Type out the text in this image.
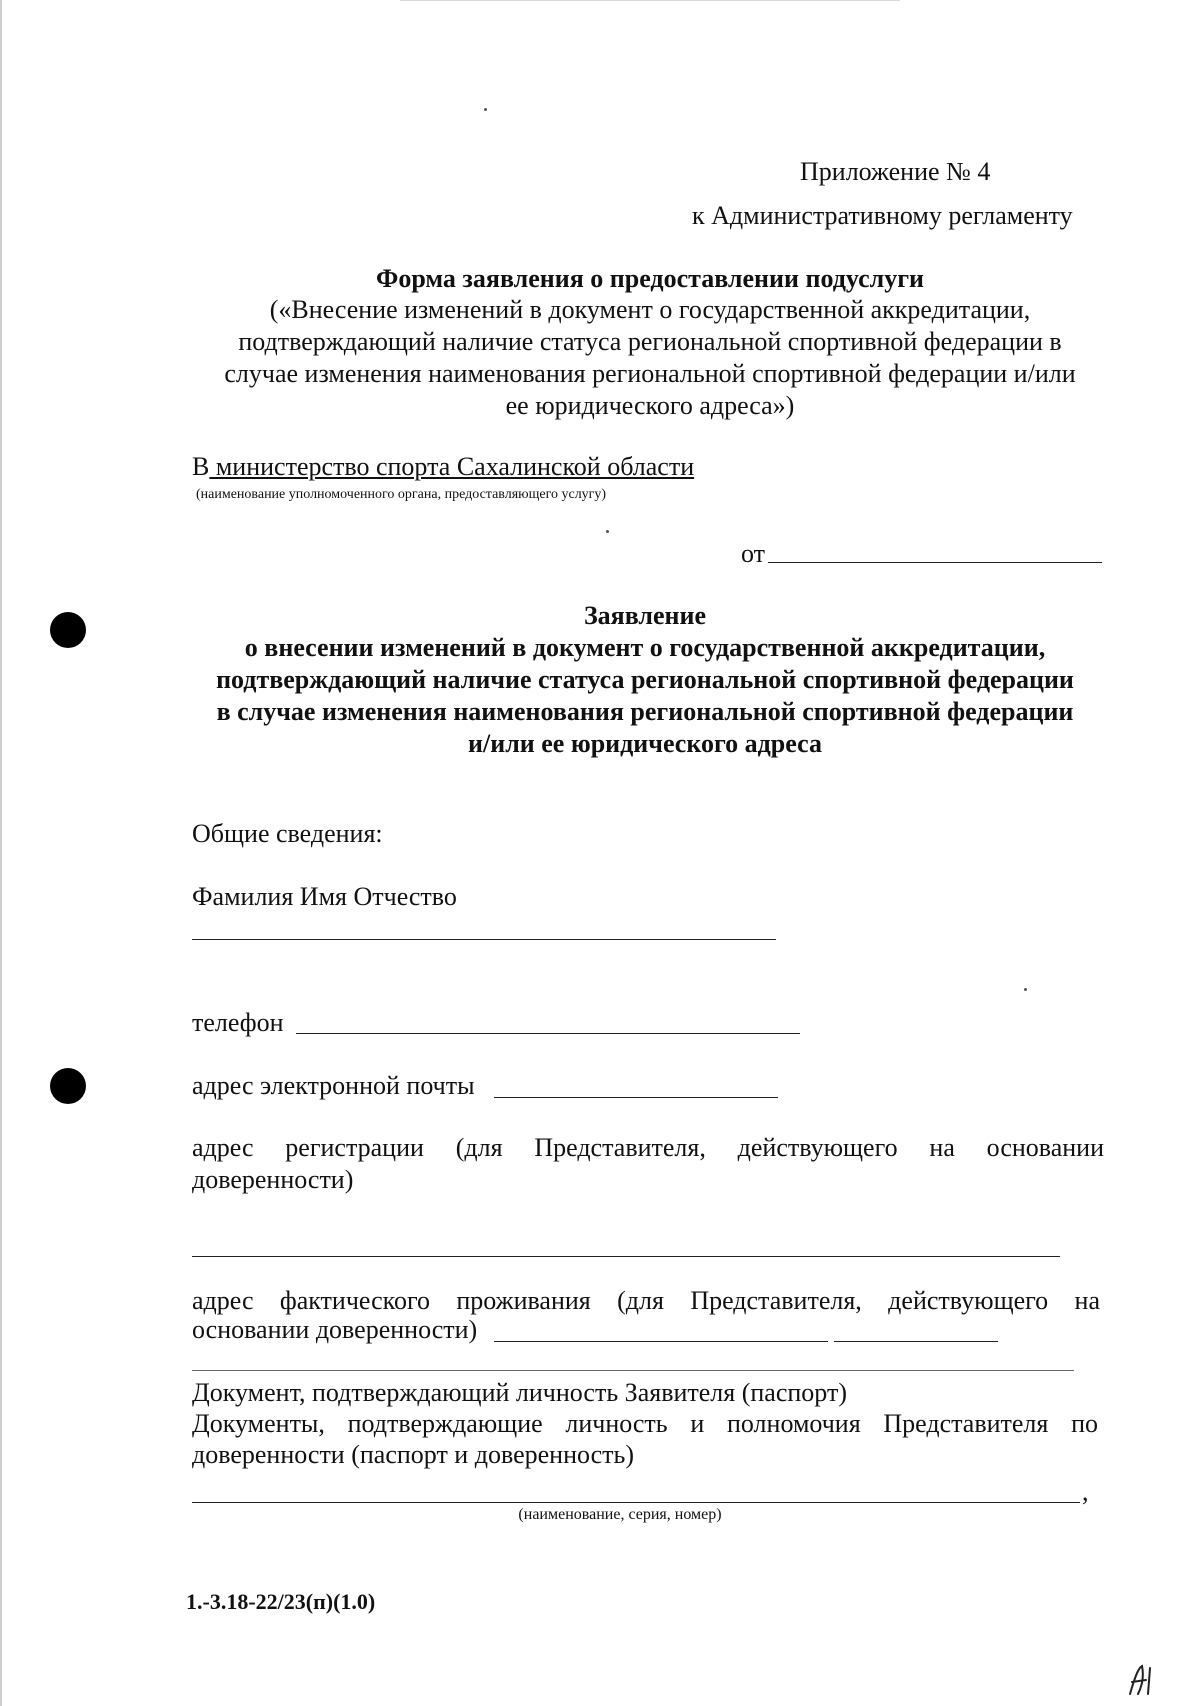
Приложение № 4
к Административному регламенту
Форма заявления о предоставлении подуслуги
(«Внесение изменений в документ о государственной аккредитации,
подтверждающий наличие статуса региональной спортивной федерации в
случае изменения наименования региональной спортивной федерации и/или
ее юридического адреса»)
В министерство спорта Сахалинской области
(наименование уполномоченного органа, предоставляющего услугу)
от
Заявление
о внесении изменений в документ о государственной аккредитации,
подтверждающий наличие статуса региональной спортивной федерации
в случае изменения наименования региональной спортивной федерации
и/или ее юридического адреса
Общие сведения:
Фамилия Имя Отчество
телефон
адрес электронной почты
адрес регистрации (для Представителя, действующего на основании
доверенности)
адрес фактического проживания (для Представителя, действующего на
основании доверенности)
Документ, подтверждающий личность Заявителя (паспорт)
Документы, подтверждающие личность и полномочия Представителя по
доверенности (паспорт и доверенность)
,
(наименование, серия, номер)
1.-3.18-22/23(п)(1.0)
